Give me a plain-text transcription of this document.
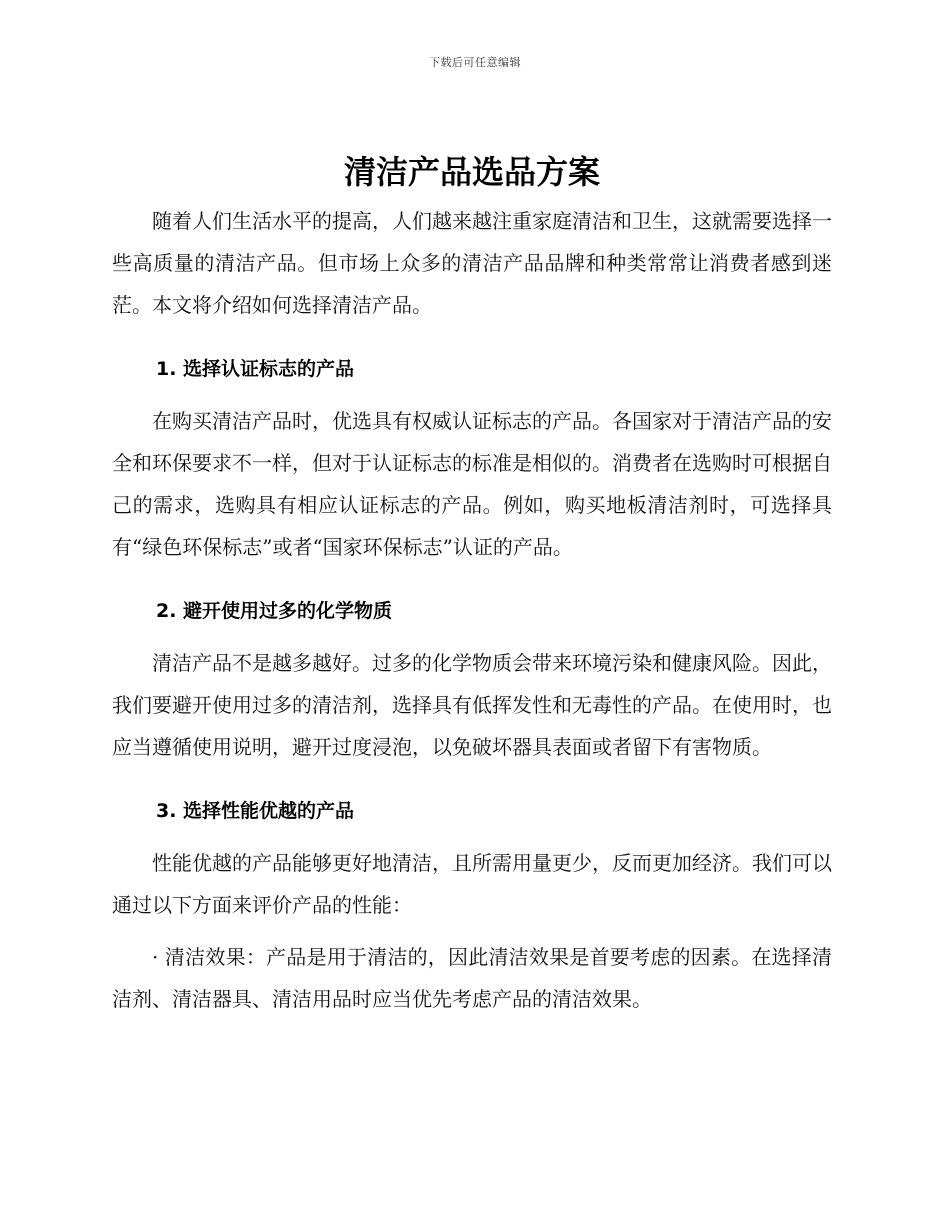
下载后可任意编辑
清洁产品选品方案

随着人们生活水平的提高，人们越来越注重家庭清洁和卫生，这就需要选择一些高质量的清洁产品。但市场上众多的清洁产品品牌和种类常常让消费者感到迷茫。本文将介绍如何选择清洁产品。

1. 选择认证标志的产品

在购买清洁产品时，优选具有权威认证标志的产品。各国家对于清洁产品的安全和环保要求不一样，但对于认证标志的标准是相似的。消费者在选购时可根据自己的需求，选购具有相应认证标志的产品。例如，购买地板清洁剂时，可选择具有“绿色环保标志”或者“国家环保标志”认证的产品。

2. 避开使用过多的化学物质

清洁产品不是越多越好。过多的化学物质会带来环境污染和健康风险。因此，我们要避开使用过多的清洁剂，选择具有低挥发性和无毒性的产品。在使用时，也应当遵循使用说明，避开过度浸泡，以免破坏器具表面或者留下有害物质。

3. 选择性能优越的产品

性能优越的产品能够更好地清洁，且所需用量更少，反而更加经济。我们可以通过以下方面来评价产品的性能：

· 清洁效果：产品是用于清洁的，因此清洁效果是首要考虑的因素。在选择清洁剂、清洁器具、清洁用品时应当优先考虑产品的清洁效果。
